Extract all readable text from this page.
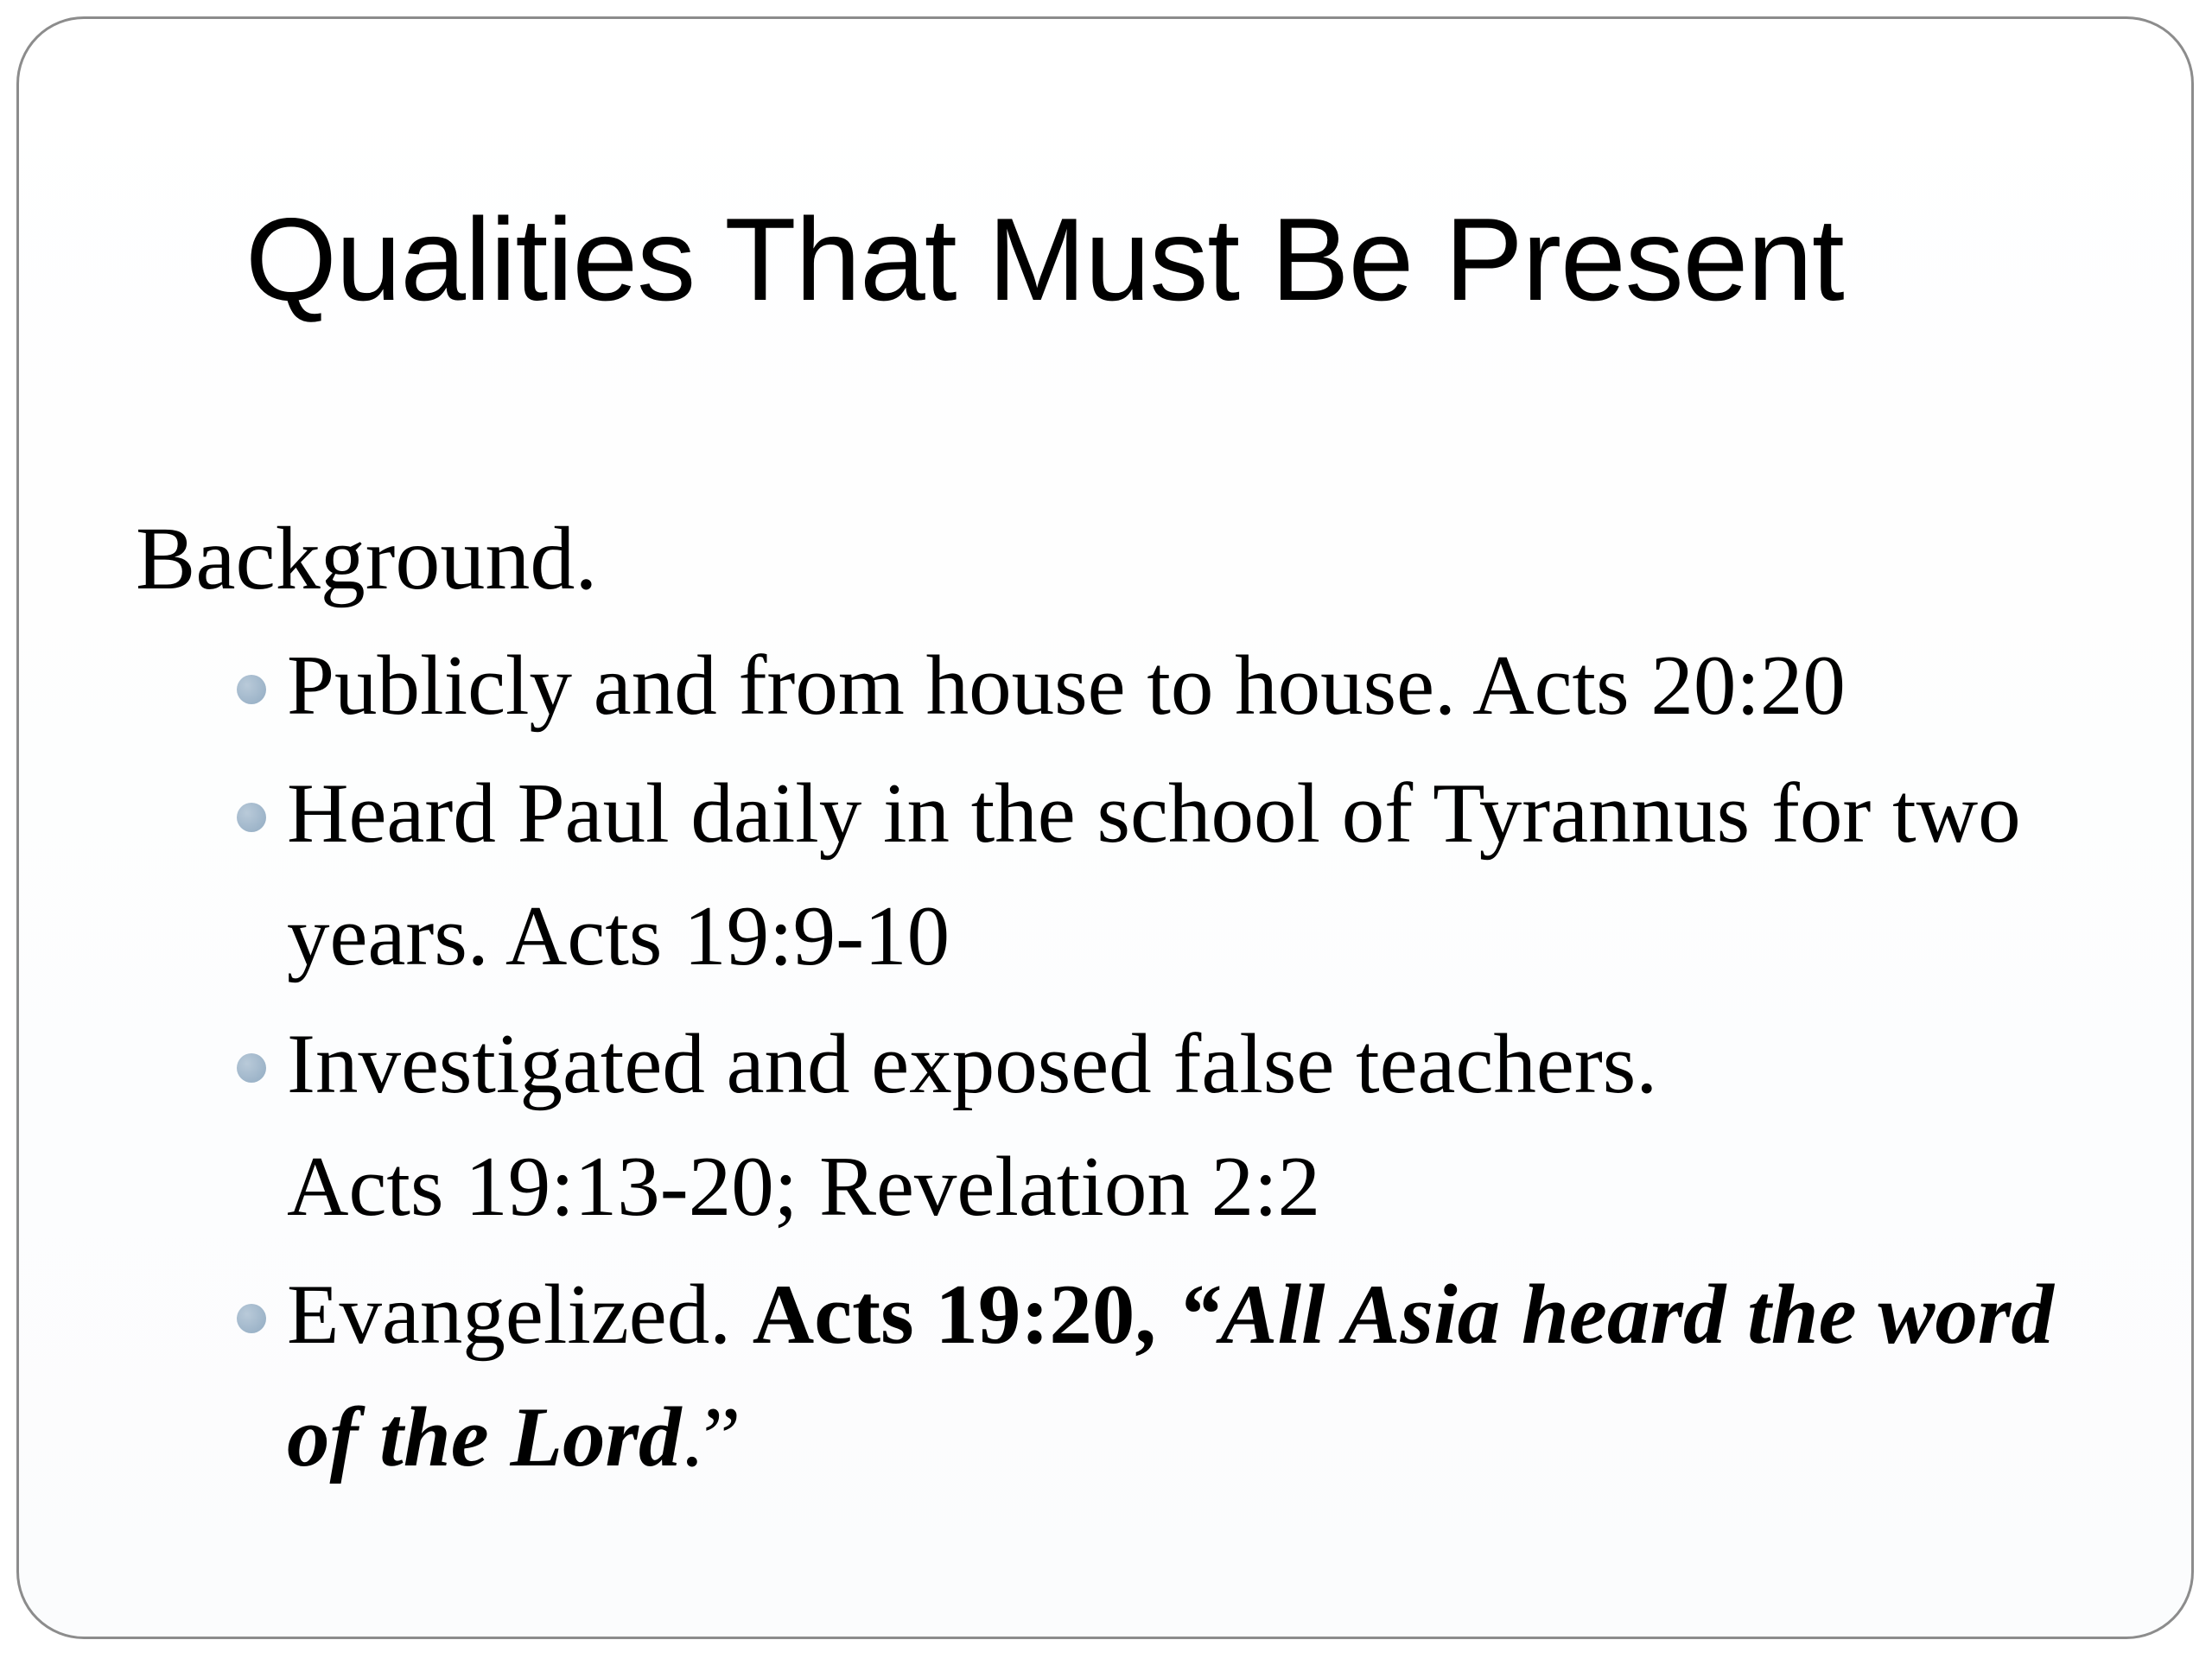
Qualities That Must Be Present

Background.

Publicly and from house to house. Acts 20:20
Heard Paul daily in the school of Tyrannus for two
years. Acts 19:9-10
Investigated and exposed false teachers.
Acts 19:13-20; Revelation 2:2
Evangelized. Acts 19:20, “All Asia heard the word
of the Lord.”
